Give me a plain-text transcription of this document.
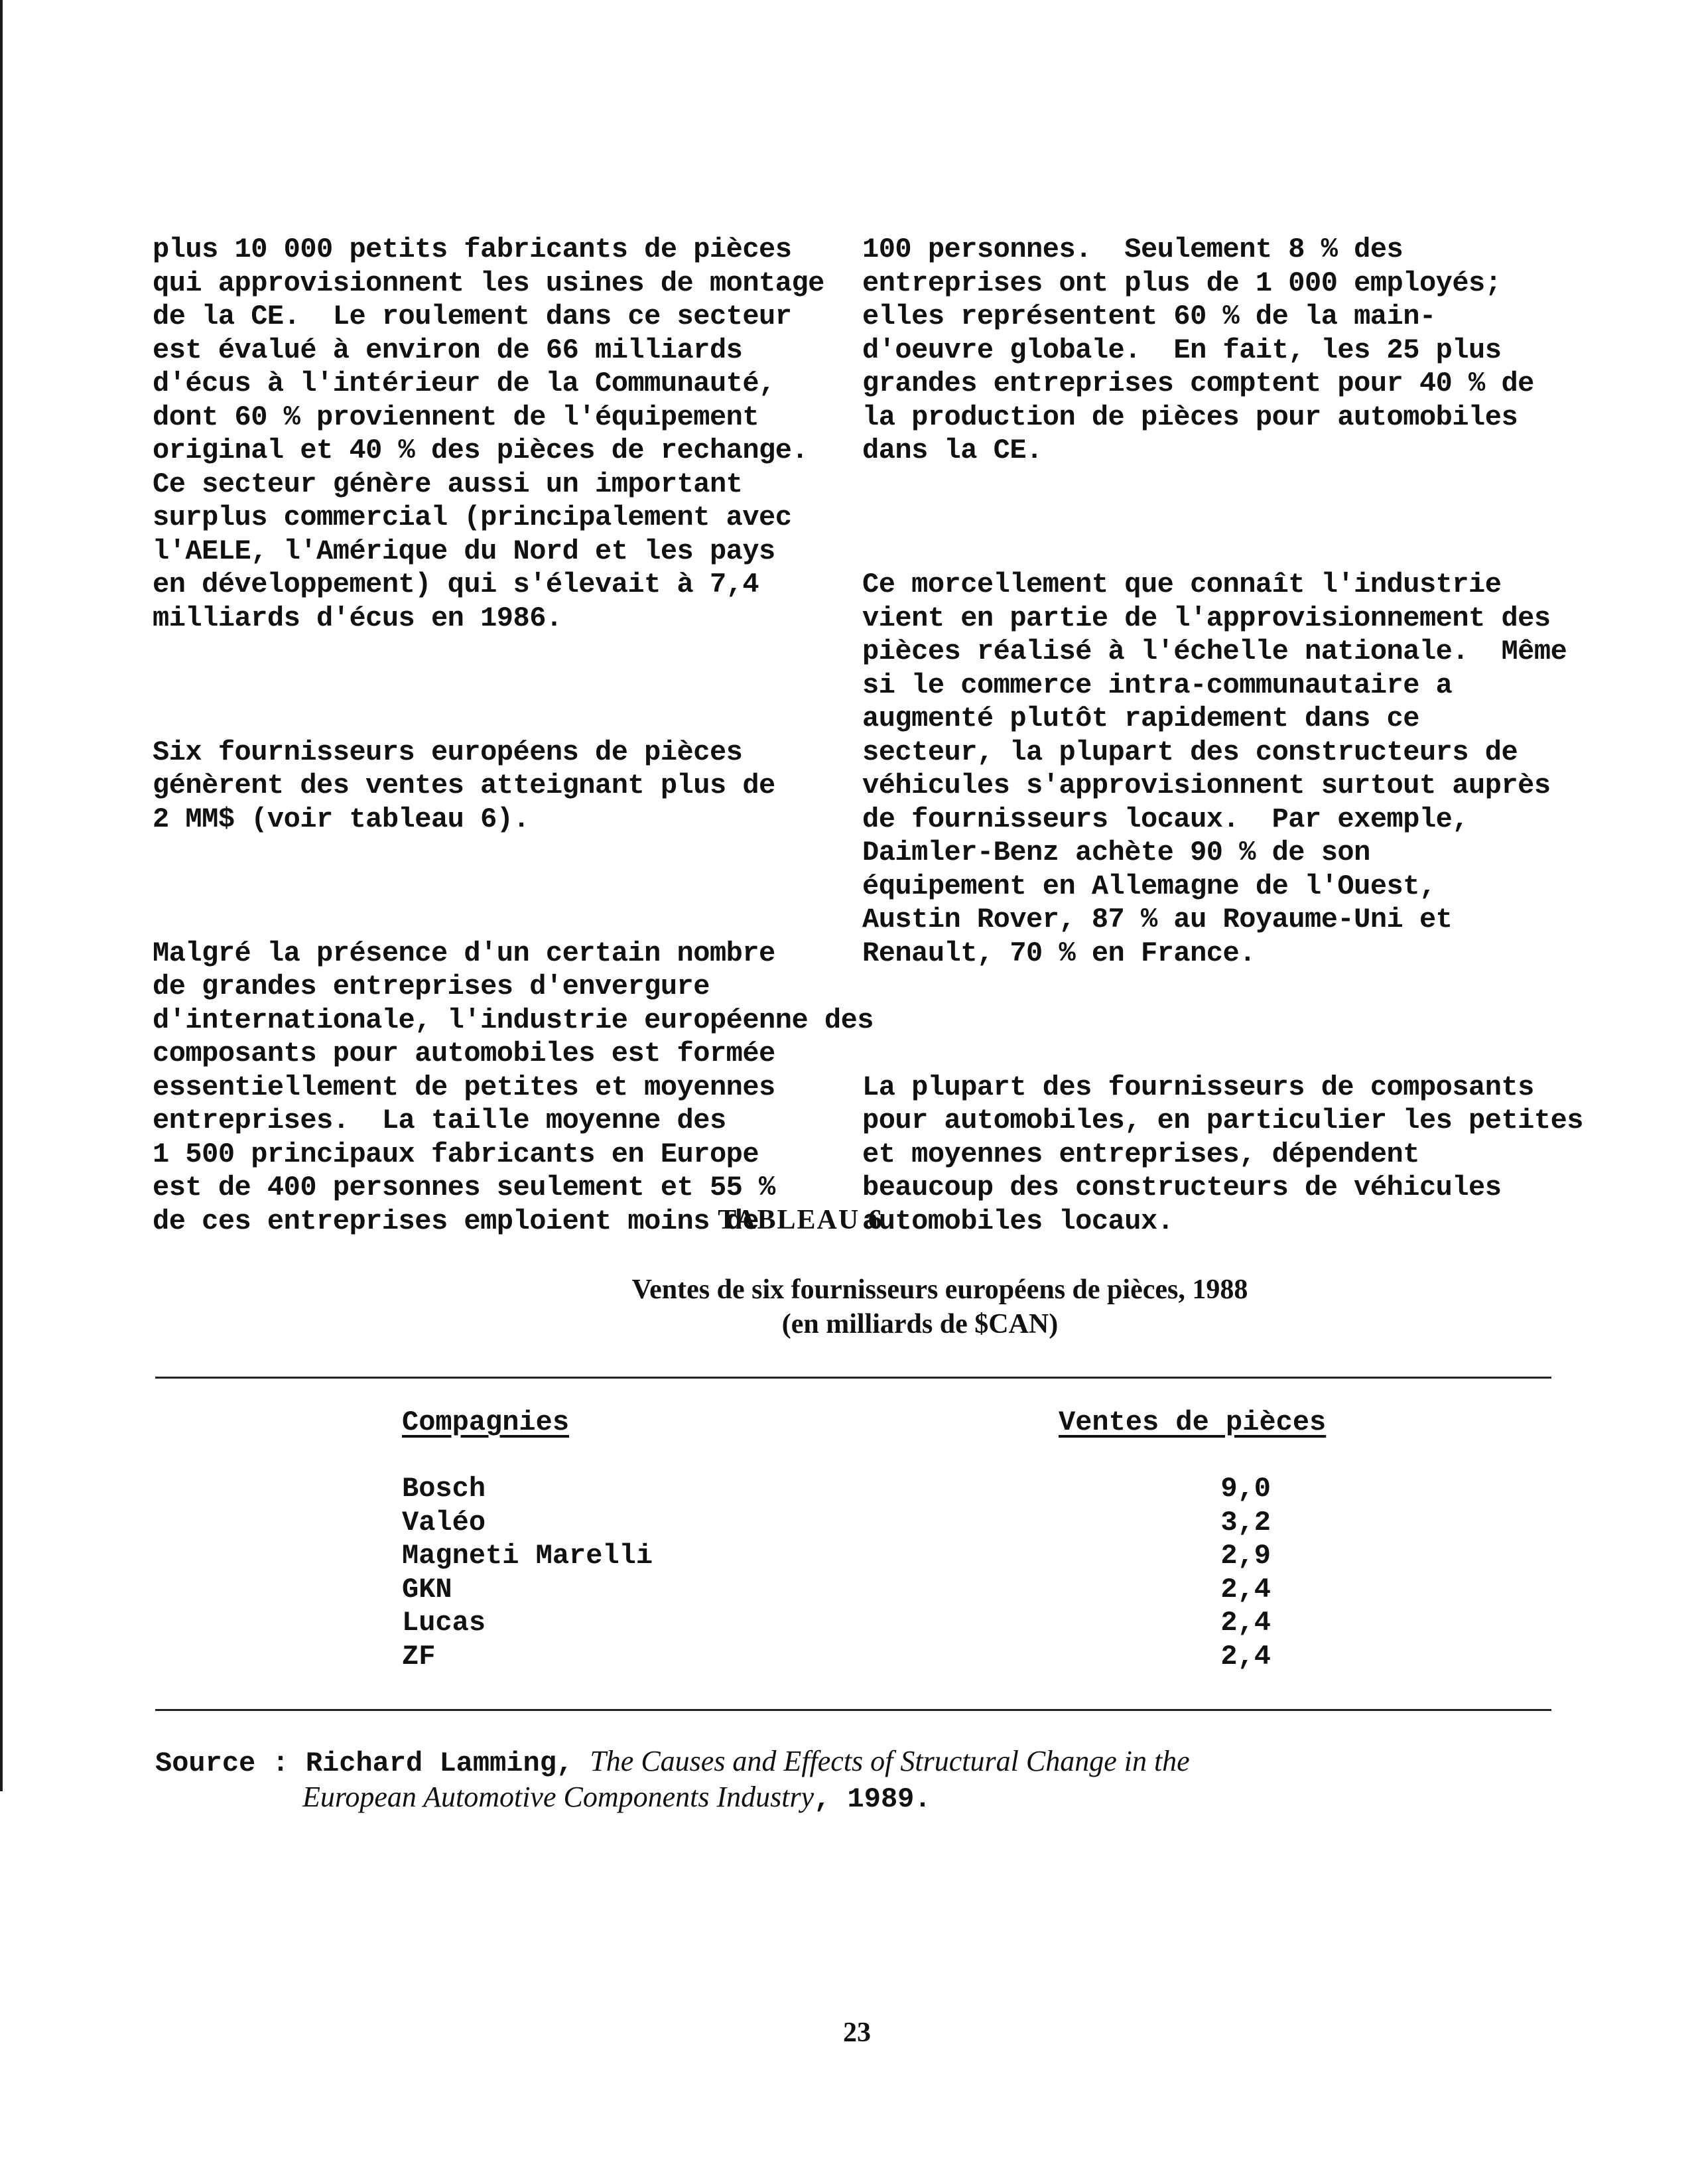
plus 10 000 petits fabricants de pièces
qui approvisionnent les usines de montage
de la CE.  Le roulement dans ce secteur
est évalué à environ de 66 milliards
d'écus à l'intérieur de la Communauté,
dont 60 % proviennent de l'équipement
original et 40 % des pièces de rechange.
Ce secteur génère aussi un important
surplus commercial (principalement avec
l'AELE, l'Amérique du Nord et les pays
en développement) qui s'élevait à 7,4
milliards d'écus en 1986.

Six fournisseurs européens de pièces
génèrent des ventes atteignant plus de
2 MM$ (voir tableau 6).

Malgré la présence d'un certain nombre
de grandes entreprises d'envergure
d'internationale, l'industrie européenne des
composants pour automobiles est formée
essentiellement de petites et moyennes
entreprises.  La taille moyenne des
1 500 principaux fabricants en Europe
est de 400 personnes seulement et 55 %
de ces entreprises emploient moins de

100 personnes.  Seulement 8 % des
entreprises ont plus de 1 000 employés;
elles représentent 60 % de la main-
d'oeuvre globale.  En fait, les 25 plus
grandes entreprises comptent pour 40 % de
la production de pièces pour automobiles
dans la CE.

Ce morcellement que connaît l'industrie
vient en partie de l'approvisionnement des
pièces réalisé à l'échelle nationale.  Même
si le commerce intra-communautaire a
augmenté plutôt rapidement dans ce
secteur, la plupart des constructeurs de
véhicules s'approvisionnent surtout auprès
de fournisseurs locaux.  Par exemple,
Daimler-Benz achète 90 % de son
équipement en Allemagne de l'Ouest,
Austin Rover, 87 % au Royaume-Uni et
Renault, 70 % en France.

La plupart des fournisseurs de composants
pour automobiles, en particulier les petites
et moyennes entreprises, dépendent
beaucoup des constructeurs de véhicules
automobiles locaux.

TABLEAU 6
Ventes de six fournisseurs européens de pièces, 1988
(en milliards de $CAN)
Compagnies	Ventes de pièces
Bosch	9,0
Valéo	3,2
Magneti Marelli	2,9
GKN	2,4
Lucas	2,4
ZF	2,4
Source : Richard Lamming, The Causes and Effects of Structural Change in the

European Automotive Components Industry, 1989.
23
